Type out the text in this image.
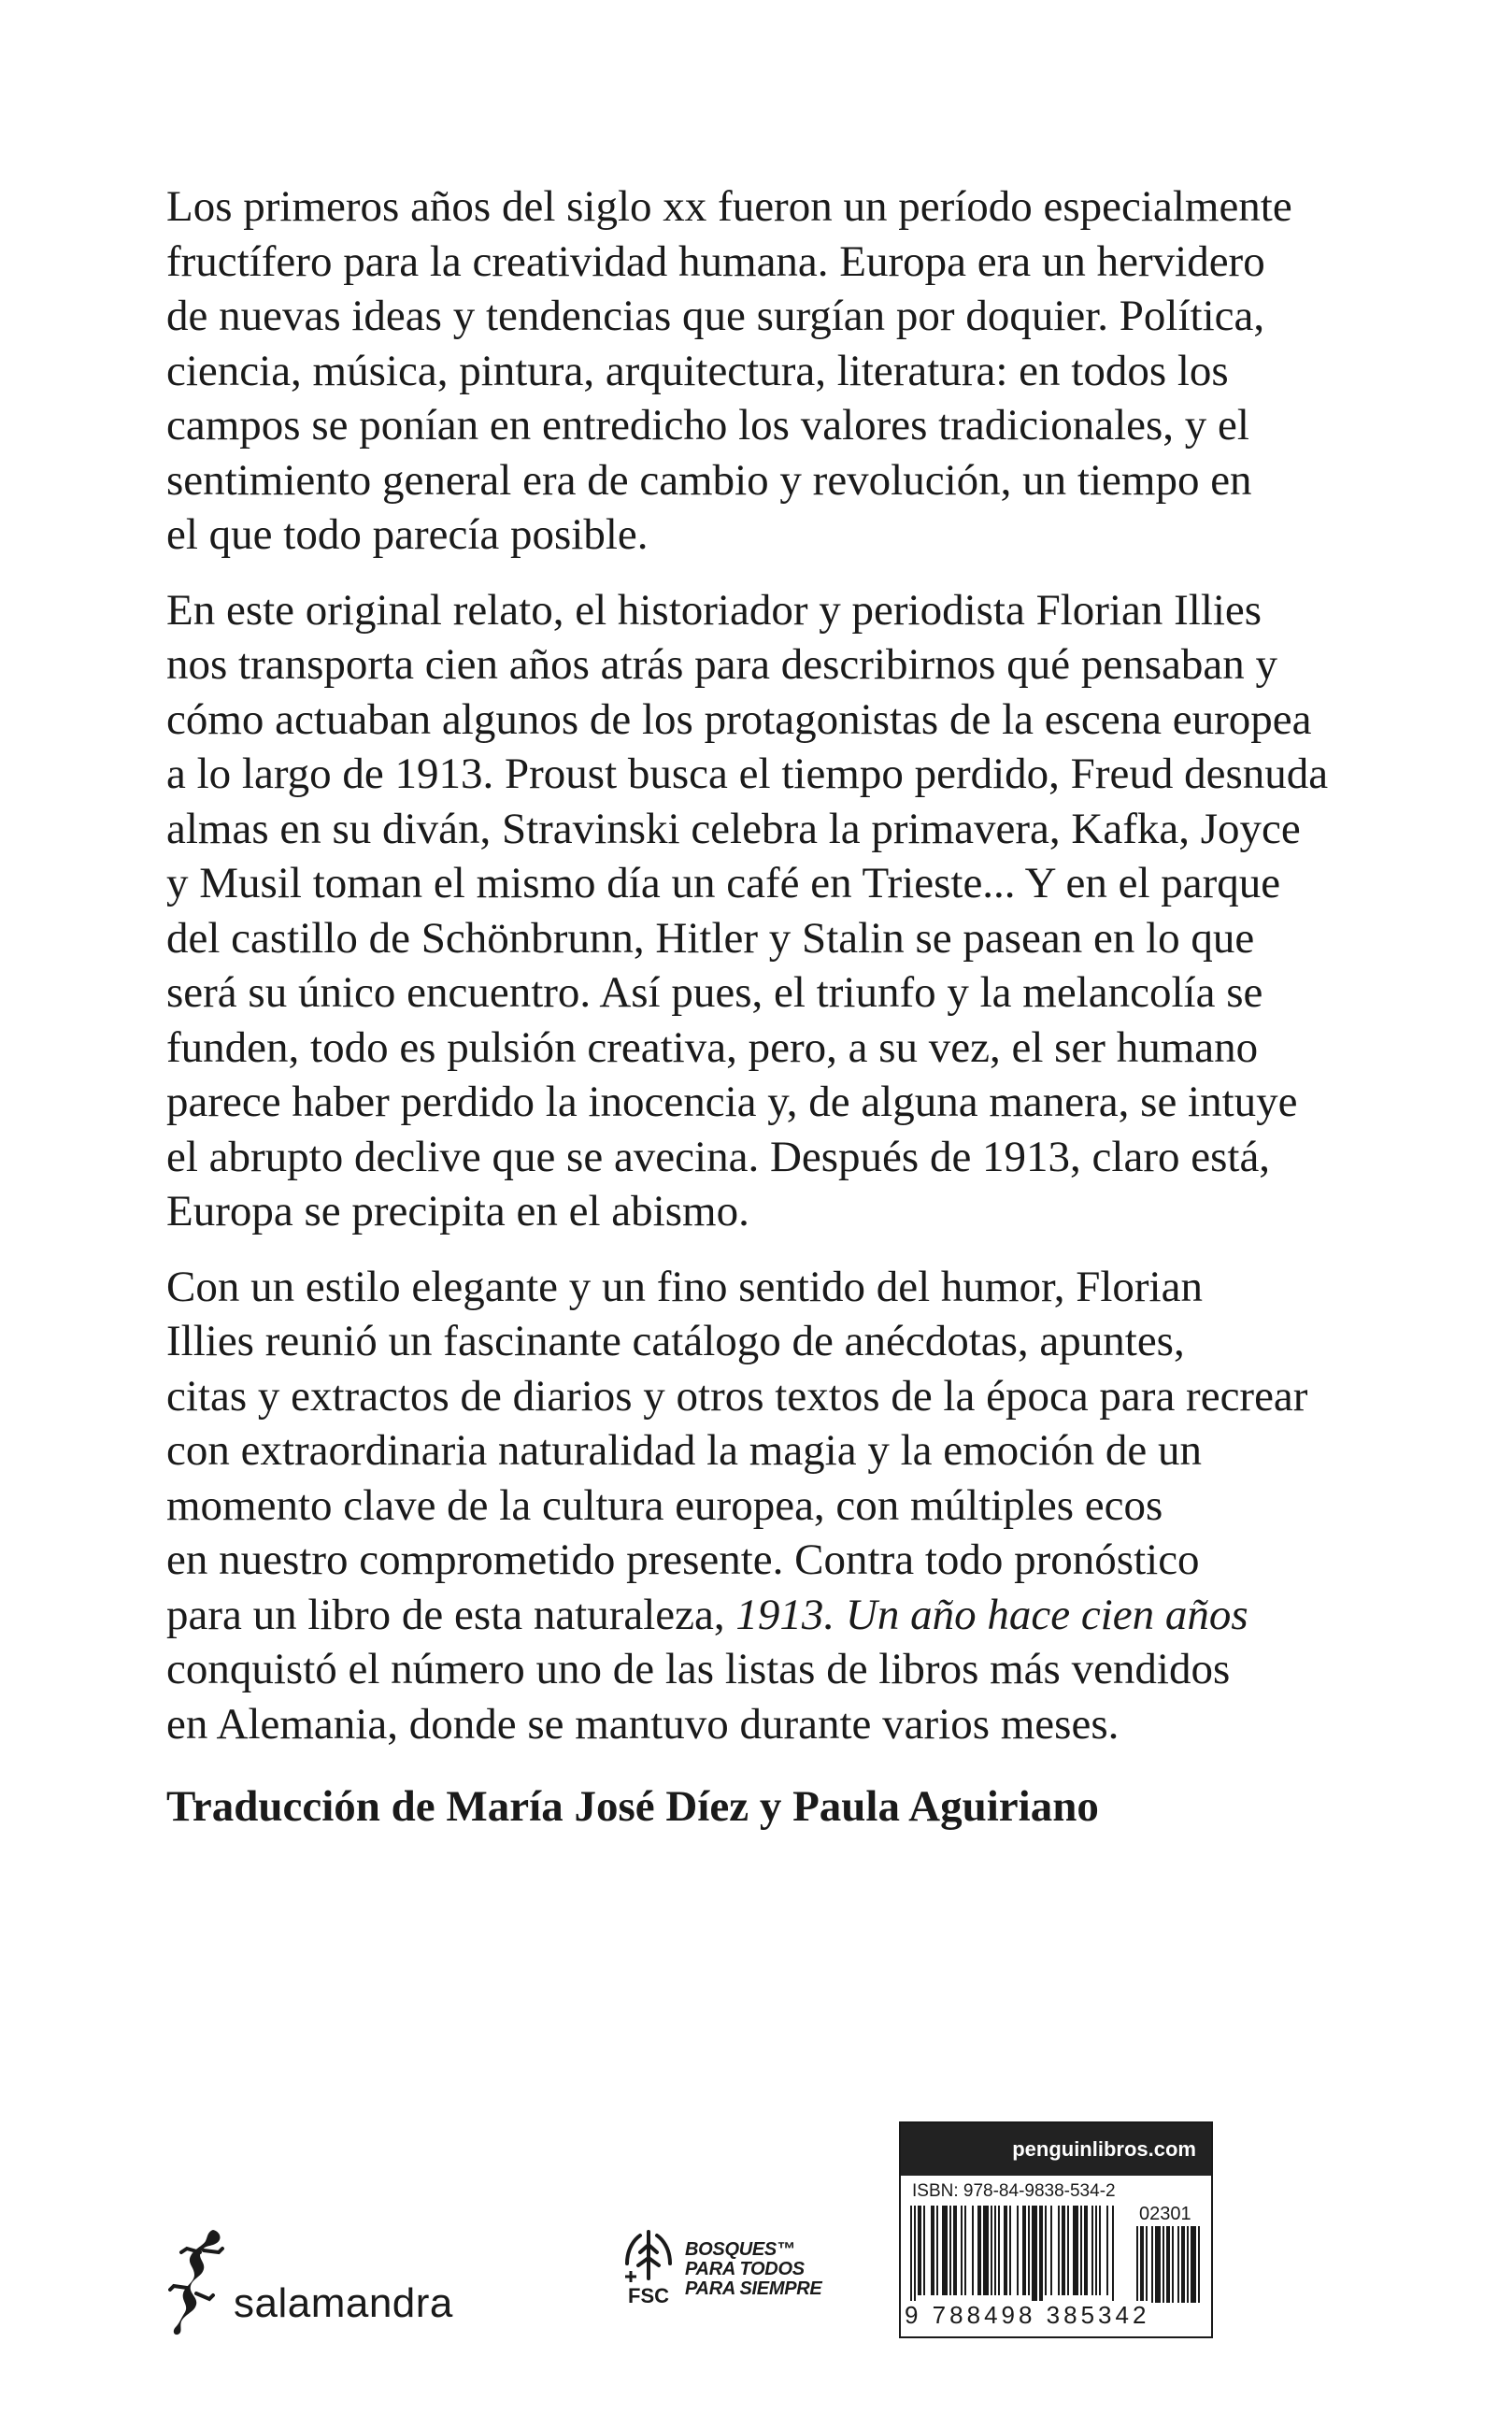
Los primeros años del siglo xx fueron un período especialmente
fructífero para la creatividad humana. Europa era un hervidero
de nuevas ideas y tendencias que surgían por doquier. Política,
ciencia, música, pintura, arquitectura, literatura: en todos los
campos se ponían en entredicho los valores tradicionales, y el
sentimiento general era de cambio y revolución, un tiempo en
el que todo parecía posible.

En este original relato, el historiador y periodista Florian Illies
nos transporta cien años atrás para describirnos qué pensaban y
cómo actuaban algunos de los protagonistas de la escena europea
a lo largo de 1913. Proust busca el tiempo perdido, Freud desnuda
almas en su diván, Stravinski celebra la primavera, Kafka, Joyce
y Musil toman el mismo día un café en Trieste... Y en el parque
del castillo de Schönbrunn, Hitler y Stalin se pasean en lo que
será su único encuentro. Así pues, el triunfo y la melancolía se
funden, todo es pulsión creativa, pero, a su vez, el ser humano
parece haber perdido la inocencia y, de alguna manera, se intuye
el abrupto declive que se avecina. Después de 1913, claro está,
Europa se precipita en el abismo.

Con un estilo elegante y un fino sentido del humor, Florian
Illies reunió un fascinante catálogo de anécdotas, apuntes,
citas y extractos de diarios y otros textos de la época para recrear
con extraordinaria naturalidad la magia y la emoción de un
momento clave de la cultura europea, con múltiples ecos
en nuestro comprometido presente. Contra todo pronóstico
para un libro de esta naturaleza, 1913. Un año hace cien años
conquistó el número uno de las listas de libros más vendidos
en Alemania, donde se mantuvo durante varios meses.

Traducción de María José Díez y Paula Aguiriano

salamandra	FSC
BOSQUES™
PARA TODOS
PARA SIEMPRE
penguinlibros.com
ISBN: 978-84-9838-534-2
02301
9 788498 385342
